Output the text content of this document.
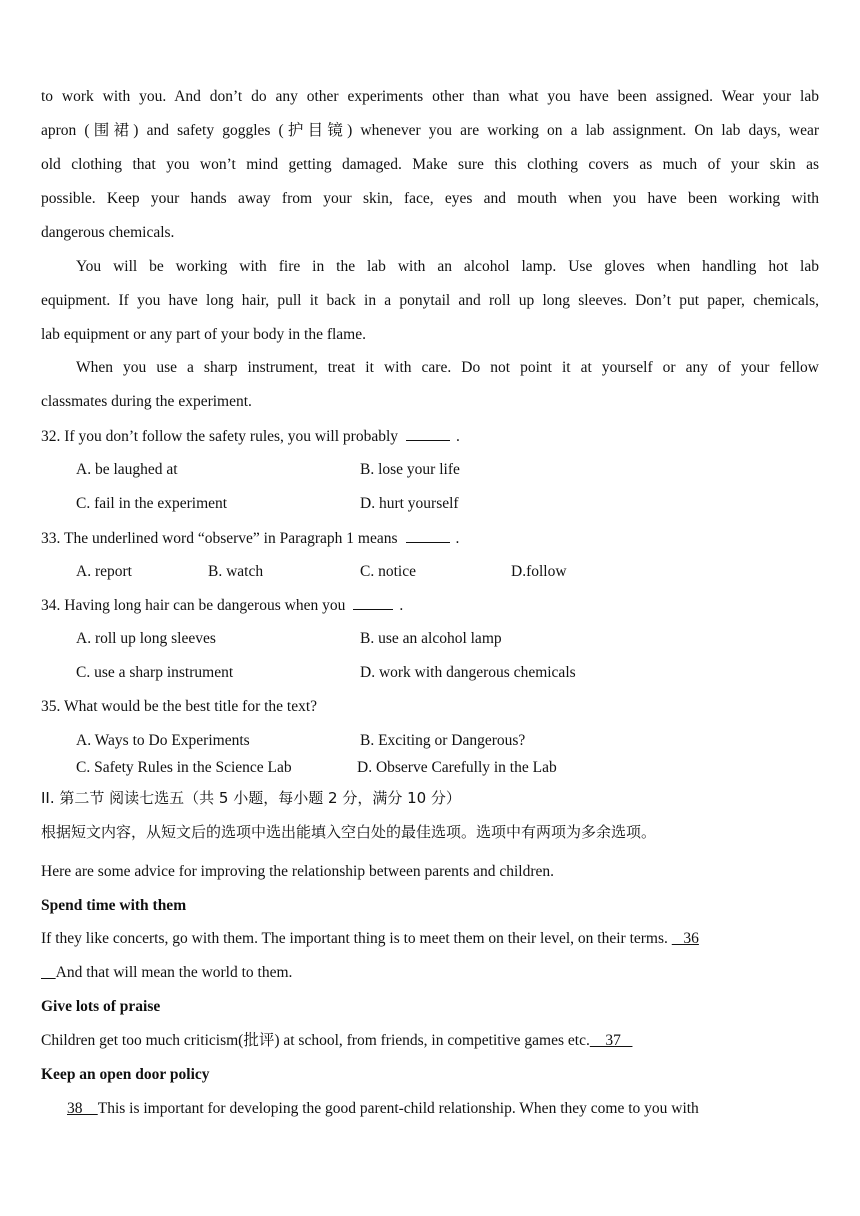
to work with you. And don’t do any other experiments other than what you have been assigned. Wear your lab
apron (围裙) and safety goggles (护目镜) whenever you are working on a lab assignment. On lab days, wear
old clothing that you won’t mind getting damaged. Make sure this clothing covers as much of your skin as
possible. Keep your hands away from your skin, face, eyes and mouth when you have been working with
dangerous chemicals.
You will be working with fire in the lab with an alcohol lamp. Use gloves when handling hot lab
equipment. If you have long hair, pull it back in a ponytail and roll up long sleeves. Don’t put paper, chemicals,
lab equipment or any part of your body in the flame.
When you use a sharp instrument, treat it with care. Do not point it at yourself or any of your fellow
classmates during the experiment.
32. If you don’t follow the safety rules, you will probably	.
A. be laughed at	B. lose your life
C. fail in the experiment	D. hurt yourself
33. The underlined word “observe” in Paragraph 1 means	.
A. report	B. watch	C. notice	D.follow
34. Having long hair can be dangerous when you	.
A. roll up long sleeves	B. use an alcohol lamp
C. use a sharp instrument	D. work with dangerous chemicals
35. What would be the best title for the text?
A. Ways to Do Experiments	B. Exciting or Dangerous?
C. Safety Rules in the Science Lab	D. Observe Carefully in the Lab
II. 第二节 阅读七选五（共 5 小题，每小题 2 分，满分 10 分）
根据短文内容，从短文后的选项中选出能填入空白处的最佳选项。选项中有两项为多余选项。
Here are some advice for improving the relationship between parents and children.
Spend time with them
If they like concerts, go with them. The important thing is to meet them on their level, on their terms.    36
And that will mean the world to them.
Give lots of praise
Children get too much criticism(批评) at school, from friends, in competitive games etc.    37
Keep an open door policy
38    This is important for developing the good parent-child relationship. When they come to you with
